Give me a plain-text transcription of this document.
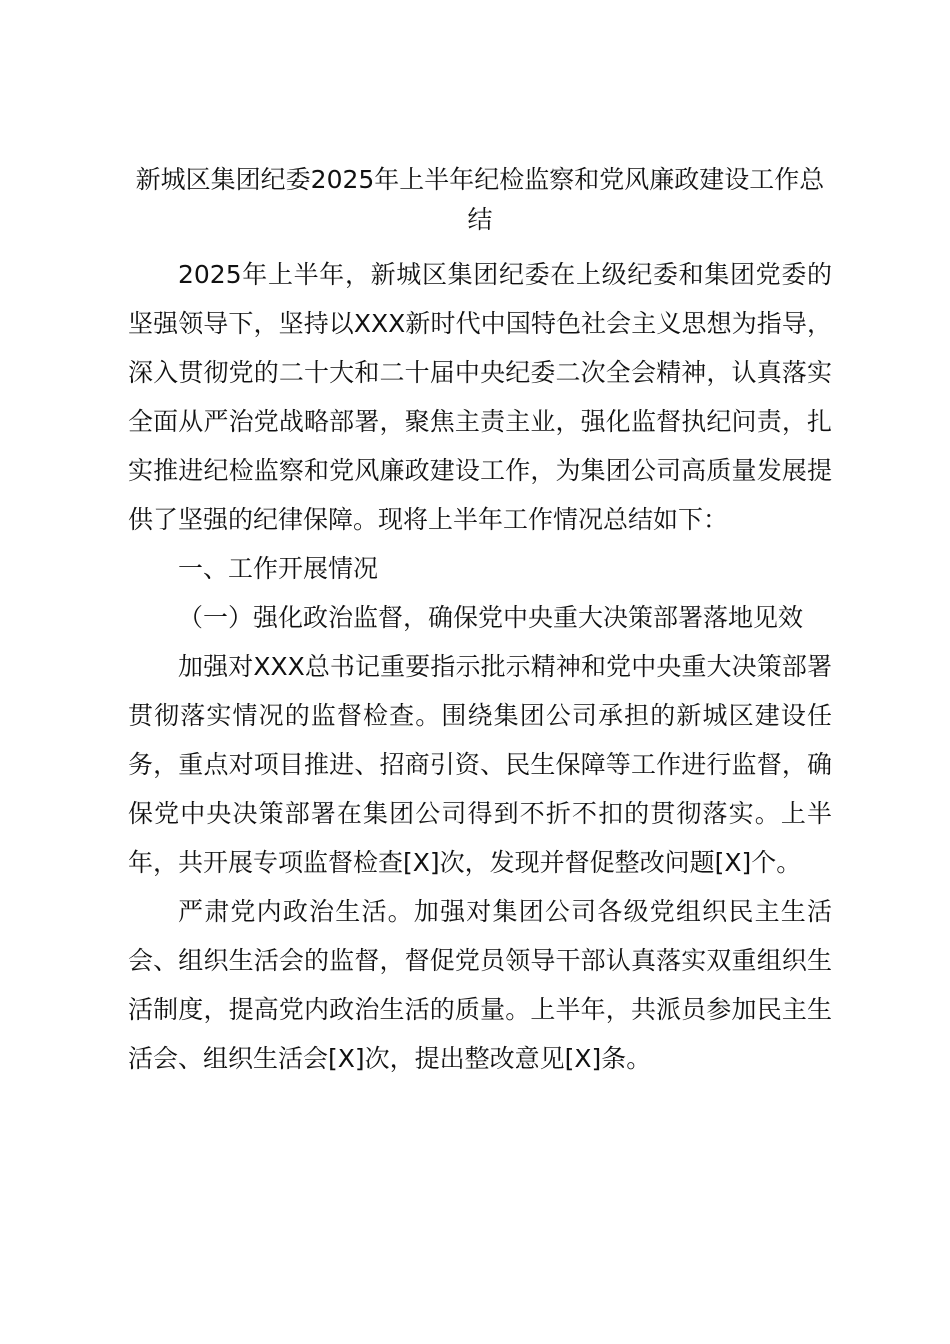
新城区集团纪委2025年上半年纪检监察和党风廉政建设工作总结

2025年上半年，新城区集团纪委在上级纪委和集团党委的坚强领导下，坚持以XXX新时代中国特色社会主义思想为指导，深入贯彻党的二十大和二十届中央纪委二次全会精神，认真落实全面从严治党战略部署，聚焦主责主业，强化监督执纪问责，扎实推进纪检监察和党风廉政建设工作，为集团公司高质量发展提供了坚强的纪律保障。现将上半年工作情况总结如下：

一、工作开展情况

（一）强化政治监督，确保党中央重大决策部署落地见效

加强对XXX总书记重要指示批示精神和党中央重大决策部署贯彻落实情况的监督检查。围绕集团公司承担的新城区建设任务，重点对项目推进、招商引资、民生保障等工作进行监督，确保党中央决策部署在集团公司得到不折不扣的贯彻落实。上半年，共开展专项监督检查[X]次，发现并督促整改问题[X]个。

严肃党内政治生活。加强对集团公司各级党组织民主生活会、组织生活会的监督，督促党员领导干部认真落实双重组织生活制度，提高党内政治生活的质量。上半年，共派员参加民主生活会、组织生活会[X]次，提出整改意见[X]条。
